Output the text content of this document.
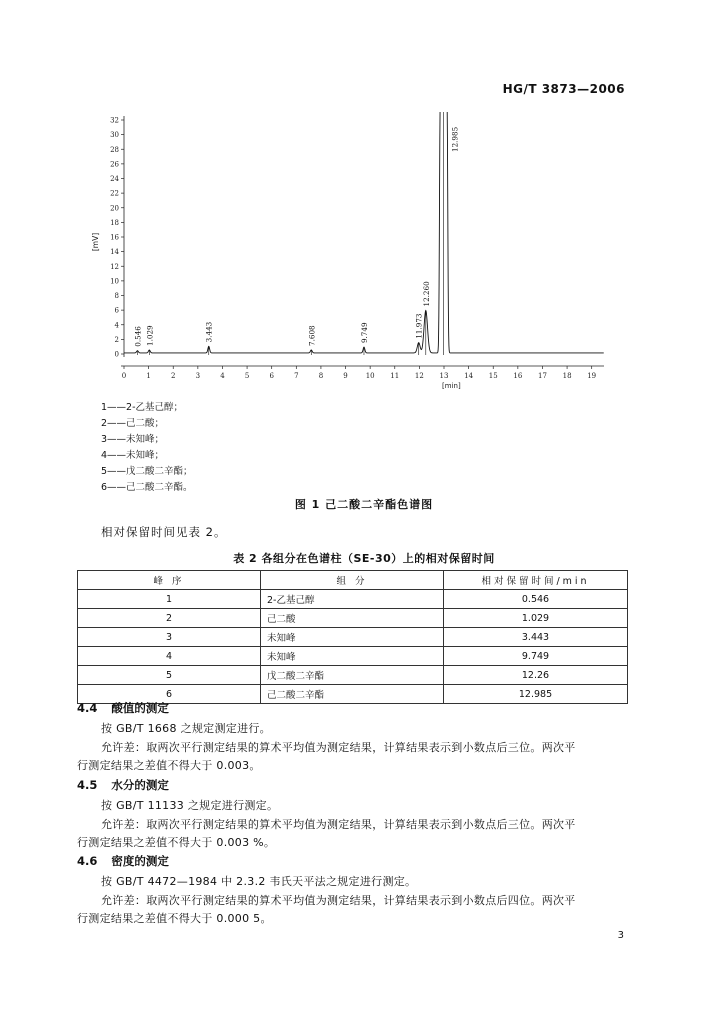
HG/T 3873—2006
0
2
4
6
8
10
12
14
16
18
20
22
24
26
28
30
32
0	1	2	3	4	5	6	7	8	9	10 11 12 13 14 15 16 17 18 19
[mV]
[min]
0.546 1.029	3.443	7.608	9.749	11.973
12.260
12.985
1——2-乙基己醇；
2——己二酸；
3——未知峰；
4——未知峰；
5——戊二酸二辛酯；
6——己二酸二辛酯。
图 1 己二酸二辛酯色谱图
相对保留时间见表 2。
表 2 各组分在色谱柱（SE-30）上的相对保留时间
峰 序	组 分	相对保留时间/min
1	2-乙基己醇	0.546
2	己二酸	1.029
3	未知峰	3.443
4	未知峰	9.749
5	戊二酸二辛酯	12.26
6	己二酸二辛酯	12.985
4.4 酸值的测定
按 GB/T 1668 之规定测定进行。
允许差：取两次平行测定结果的算术平均值为测定结果，计算结果表示到小数点后三位。两次平
行测定结果之差值不得大于 0.003。
4.5 水分的测定
按 GB/T 11133 之规定进行测定。
允许差：取两次平行测定结果的算术平均值为测定结果，计算结果表示到小数点后三位。两次平
行测定结果之差值不得大于 0.003 %。
4.6 密度的测定
按 GB/T 4472—1984 中 2.3.2 韦氏天平法之规定进行测定。
允许差：取两次平行测定结果的算术平均值为测定结果，计算结果表示到小数点后四位。两次平
行测定结果之差值不得大于 0.000 5。
3
